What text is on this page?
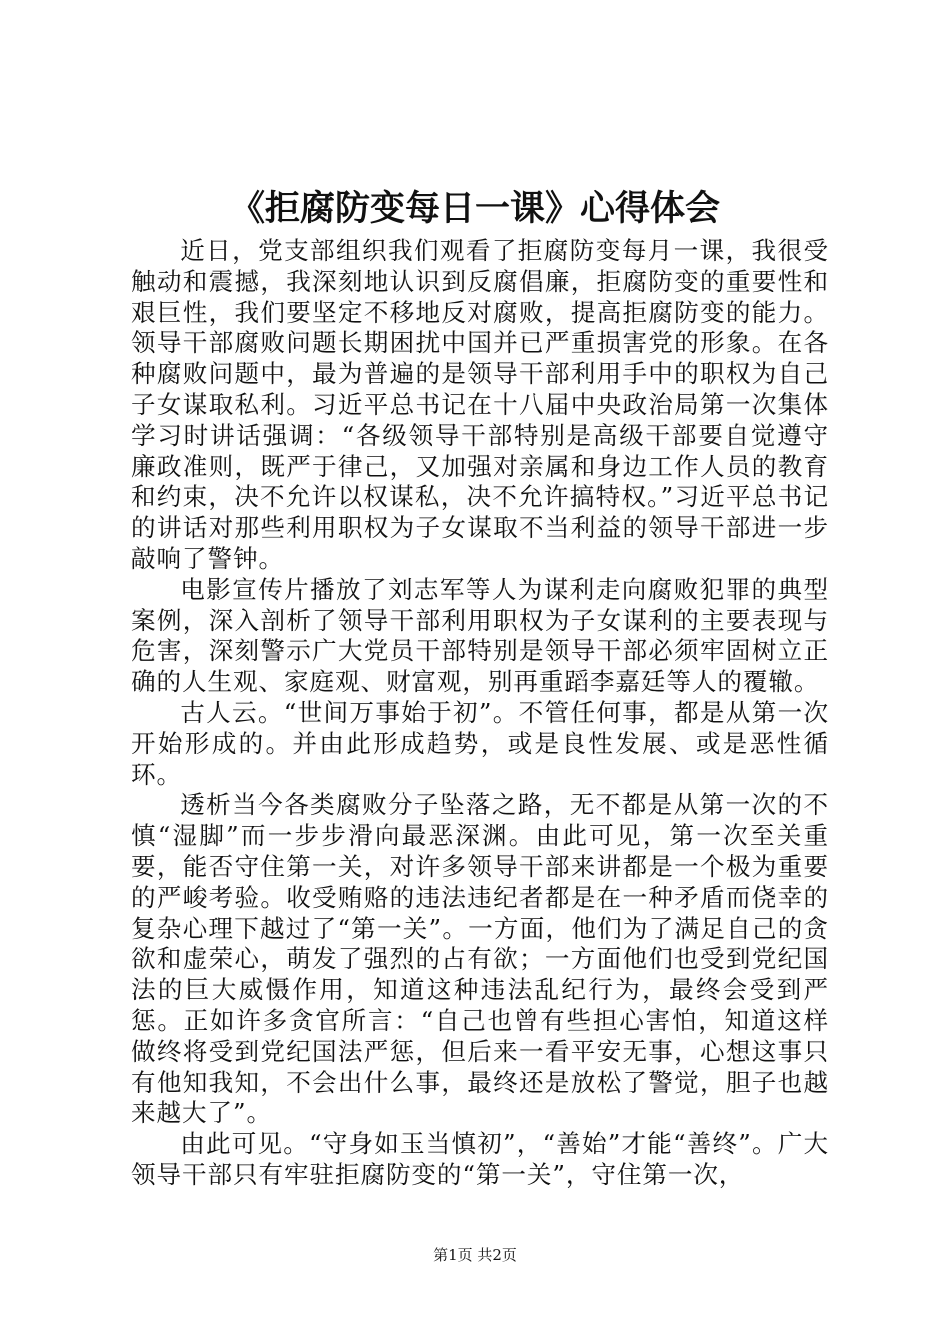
《拒腐防变每日一课》心得体会

近日，党支部组织我们观看了拒腐防变每月一课，我很受触动和震撼，我深刻地认识到反腐倡廉，拒腐防变的重要性和艰巨性，我们要坚定不移地反对腐败，提高拒腐防变的能力。领导干部腐败问题长期困扰中国并已严重损害党的形象。在各种腐败问题中，最为普遍的是领导干部利用手中的职权为自己子女谋取私利。习近平总书记在十八届中央政治局第一次集体学习时讲话强调：“各级领导干部特别是高级干部要自觉遵守廉政准则，既严于律己，又加强对亲属和身边工作人员的教育和约束，决不允许以权谋私，决不允许搞特权。”习近平总书记的讲话对那些利用职权为子女谋取不当利益的领导干部进一步敲响了警钟。

电影宣传片播放了刘志军等人为谋利走向腐败犯罪的典型案例，深入剖析了领导干部利用职权为子女谋利的主要表现与危害，深刻警示广大党员干部特别是领导干部必须牢固树立正确的人生观、家庭观、财富观，别再重蹈李嘉廷等人的覆辙。

古人云。“世间万事始于初”。不管任何事，都是从第一次开始形成的。并由此形成趋势，或是良性发展、或是恶性循环。

透析当今各类腐败分子坠落之路，无不都是从第一次的不慎“湿脚”而一步步滑向最恶深渊。由此可见，第一次至关重要，能否守住第一关，对许多领导干部来讲都是一个极为重要的严峻考验。收受贿赂的违法违纪者都是在一种矛盾而侥幸的复杂心理下越过了“第一关”。一方面，他们为了满足自己的贪欲和虚荣心，萌发了强烈的占有欲；一方面他们也受到党纪国法的巨大威慑作用，知道这种违法乱纪行为，最终会受到严惩。正如许多贪官所言：“自己也曾有些担心害怕，知道这样做终将受到党纪国法严惩，但后来一看平安无事，心想这事只有他知我知，不会出什么事，最终还是放松了警觉，胆子也越来越大了”。

由此可见。“守身如玉当慎初”，“善始”才能“善终”。广大领导干部只有牢驻拒腐防变的“第一关”，守住第一次，

第1页 共2页
